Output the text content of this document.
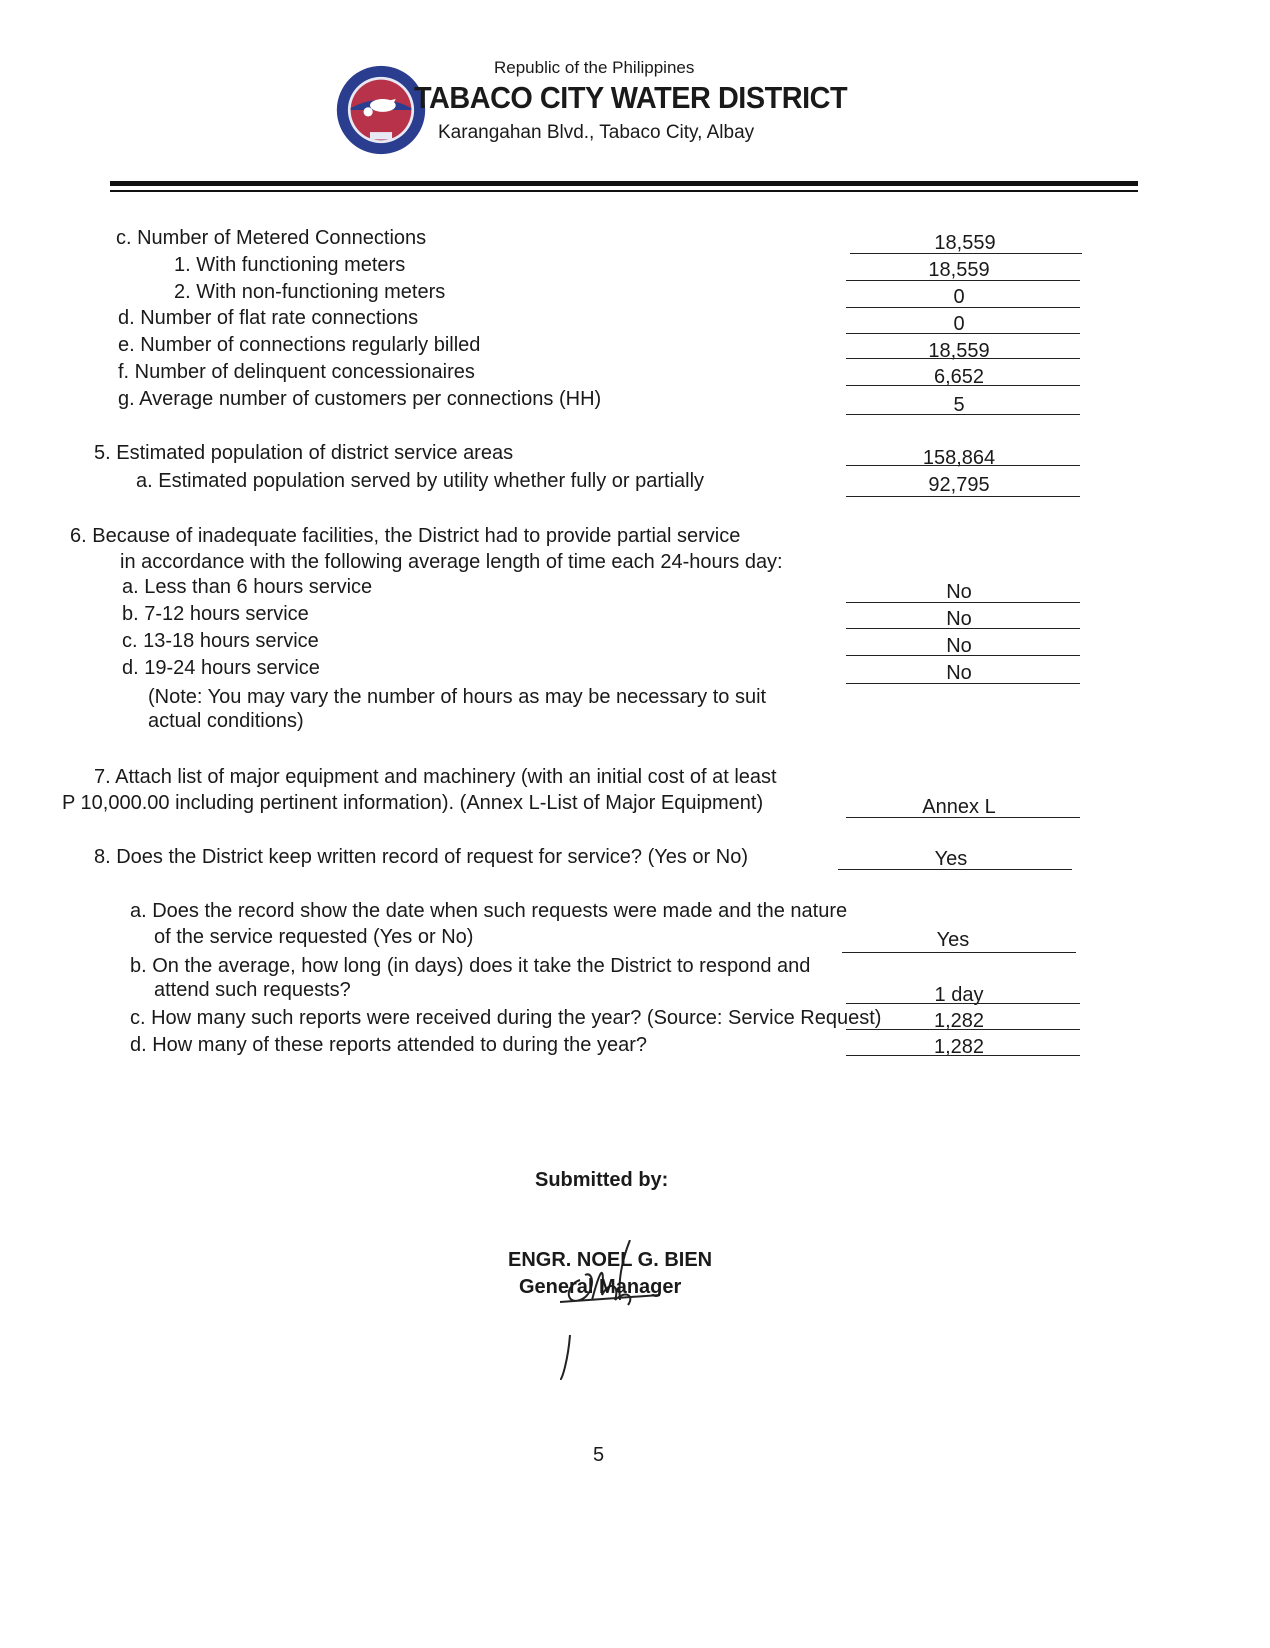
Republic of the Philippines
TABACO CITY WATER DISTRICT
Karangahan Blvd., Tabaco City, Albay
c. Number of Metered Connections	18,559
1. With functioning meters	18,559
2. With non-functioning meters	0
d. Number of flat rate connections	0
e. Number of connections regularly billed	18,559
f. Number of delinquent concessionaires	6,652
g. Average number of customers per connections (HH)	5
5. Estimated population of district service areas	158,864
a. Estimated population served by utility whether fully or partially	92,795
6. Because of inadequate facilities, the District had to provide partial service
in accordance with the following average length of time each 24-hours day:
a. Less than 6 hours service	No
b. 7-12 hours service	No
c. 13-18 hours service	No
d. 19-24 hours service	No
(Note: You may vary the number of hours as may be necessary to suit
actual conditions)
7. Attach list of major equipment and machinery (with an initial cost of at least
P 10,000.00 including pertinent information). (Annex L-List of Major Equipment)	Annex L
8. Does the District keep written record of request for service? (Yes or No)	Yes
a. Does the record show the date when such requests were made and the nature
of the service requested (Yes or No)	Yes
b. On the average, how long (in days) does it take the District to respond and
attend such requests?	1 day
c. How many such reports were received during the year? (Source: Service Request)	1,282
d. How many of these reports attended to during the year?	1,282
Submitted by:
ENGR. NOEL G. BIEN
General Manager
5
